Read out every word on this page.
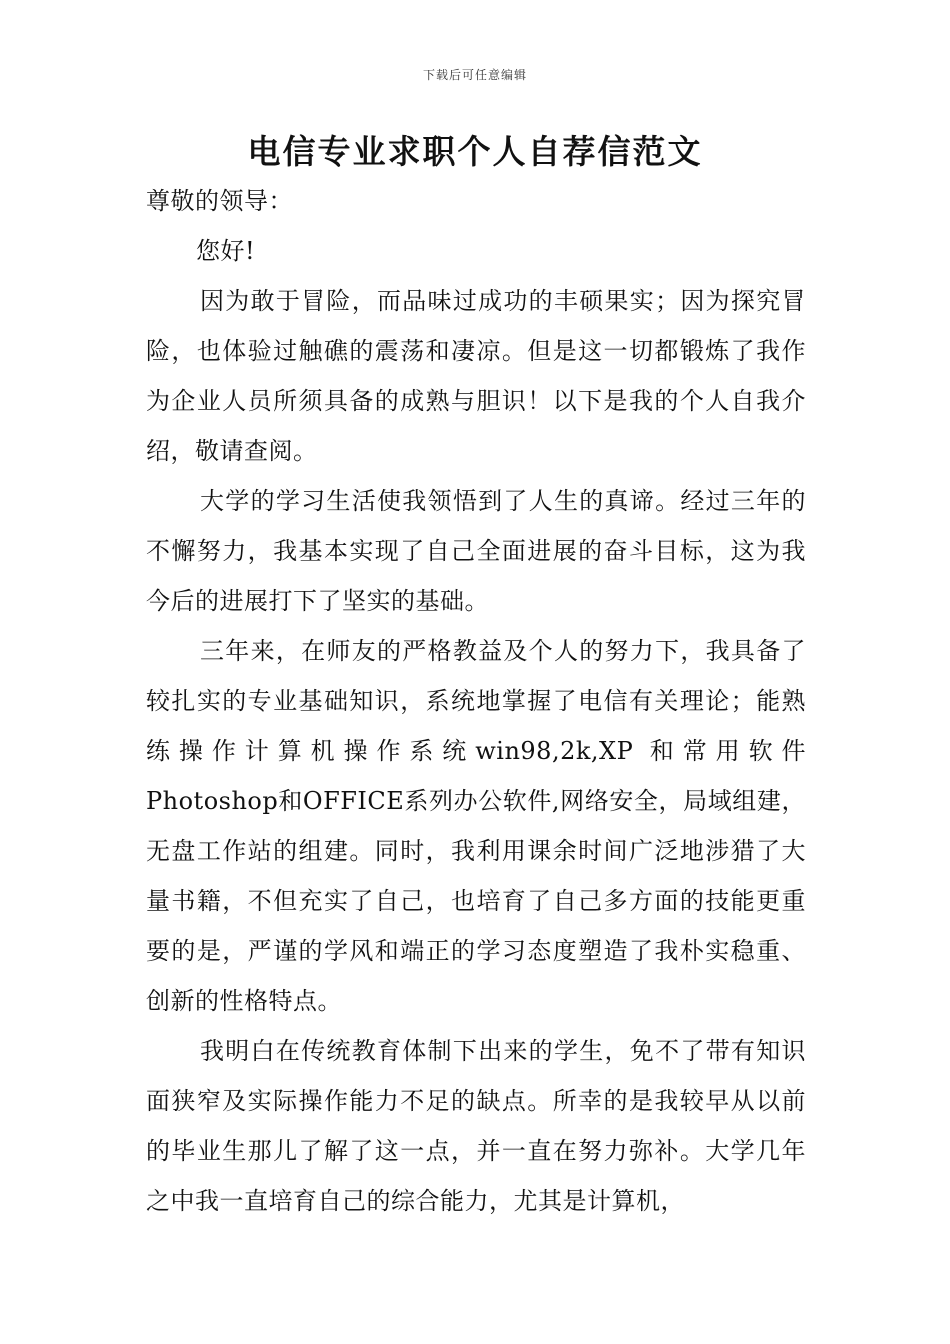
下载后可任意编辑
电信专业求职个人自荐信范文

尊敬的领导：

您好!

因为敢于冒险，而品味过成功的丰硕果实；因为探究冒险，也体验过触礁的震荡和凄凉。但是这一切都锻炼了我作为企业人员所须具备的成熟与胆识！以下是我的个人自我介绍，敬请查阅。

大学的学习生活使我领悟到了人生的真谛。经过三年的不懈努力，我基本实现了自己全面进展的奋斗目标，这为我今后的进展打下了坚实的基础。

三年来，在师友的严格教益及个人的努力下，我具备了较扎实的专业基础知识，系统地掌握了电信有关理论；能熟练操作计算机操作系统win98,2k,XP 和常用软件Photoshop和OFFICE系列办公软件,网络安全，局域组建，无盘工作站的组建。同时，我利用课余时间广泛地涉猎了大量书籍，不但充实了自己，也培育了自己多方面的技能更重要的是，严谨的学风和端正的学习态度塑造了我朴实稳重、创新的性格特点。

我明白在传统教育体制下出来的学生，免不了带有知识面狭窄及实际操作能力不足的缺点。所幸的是我较早从以前的毕业生那儿了解了这一点，并一直在努力弥补。大学几年之中我一直培育自己的综合能力，尤其是计算机，
